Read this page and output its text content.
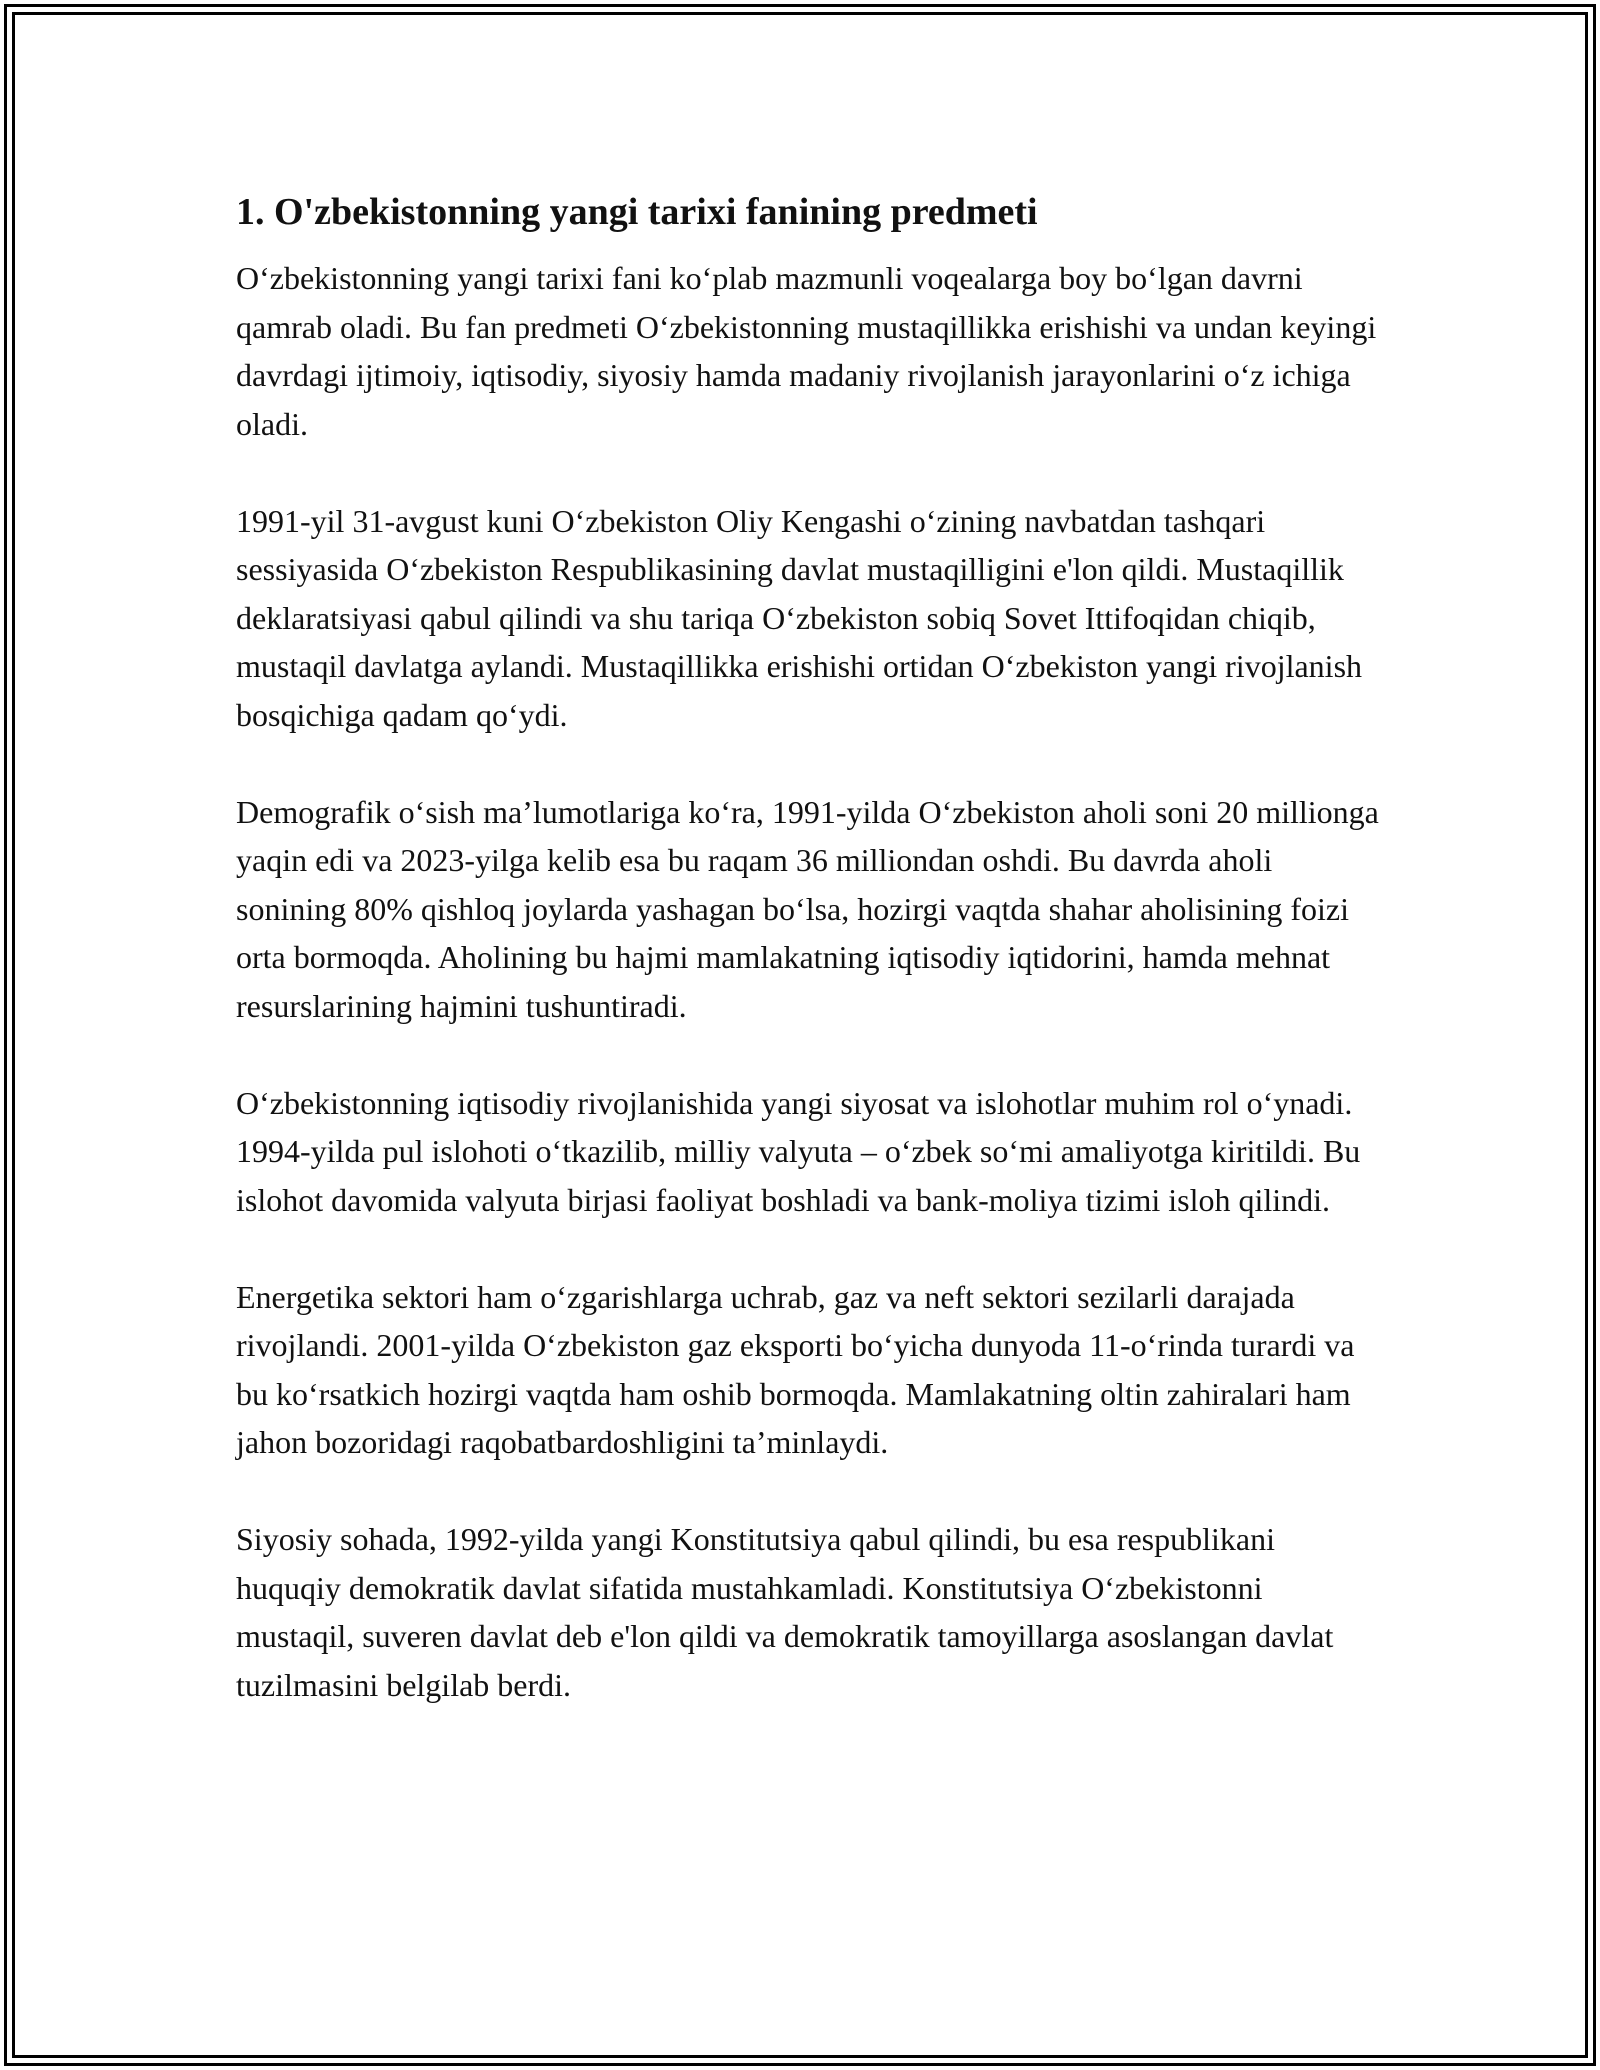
1. O'zbekistonning yangi tarixi fanining predmeti

O‘zbekistonning yangi tarixi fani ko‘plab mazmunli voqealarga boy bo‘lgan davrni qamrab oladi. Bu fan predmeti O‘zbekistonning mustaqillikka erishishi va undan keyingi davrdagi ijtimoiy, iqtisodiy, siyosiy hamda madaniy rivojlanish jarayonlarini o‘z ichiga oladi.

1991-yil 31-avgust kuni O‘zbekiston Oliy Kengashi o‘zining navbatdan tashqari sessiyasida O‘zbekiston Respublikasining davlat mustaqilligini e'lon qildi. Mustaqillik deklaratsiyasi qabul qilindi va shu tariqa O‘zbekiston sobiq Sovet Ittifoqidan chiqib, mustaqil davlatga aylandi. Mustaqillikka erishishi ortidan O‘zbekiston yangi rivojlanish bosqichiga qadam qo‘ydi.

Demografik o‘sish ma’lumotlariga ko‘ra, 1991-yilda O‘zbekiston aholi soni 20 millionga yaqin edi va 2023-yilga kelib esa bu raqam 36 milliondan oshdi. Bu davrda aholi sonining 80% qishloq joylarda yashagan bo‘lsa, hozirgi vaqtda shahar aholisining foizi orta bormoqda. Aholining bu hajmi mamlakatning iqtisodiy iqtidorini, hamda mehnat resurslarining hajmini tushuntiradi.

O‘zbekistonning iqtisodiy rivojlanishida yangi siyosat va islohotlar muhim rol o‘ynadi. 1994-yilda pul islohoti o‘tkazilib, milliy valyuta – o‘zbek so‘mi amaliyotga kiritildi. Bu islohot davomida valyuta birjasi faoliyat boshladi va bank-moliya tizimi isloh qilindi.

Energetika sektori ham o‘zgarishlarga uchrab, gaz va neft sektori sezilarli darajada rivojlandi. 2001-yilda O‘zbekiston gaz eksporti bo‘yicha dunyoda 11-o‘rinda turardi va bu ko‘rsatkich hozirgi vaqtda ham oshib bormoqda. Mamlakatning oltin zahiralari ham jahon bozoridagi raqobatbardoshligini ta’minlaydi.

Siyosiy sohada, 1992-yilda yangi Konstitutsiya qabul qilindi, bu esa respublikani huquqiy demokratik davlat sifatida mustahkamladi. Konstitutsiya O‘zbekistonni mustaqil, suveren davlat deb e'lon qildi va demokratik tamoyillarga asoslangan davlat tuzilmasini belgilab berdi.
